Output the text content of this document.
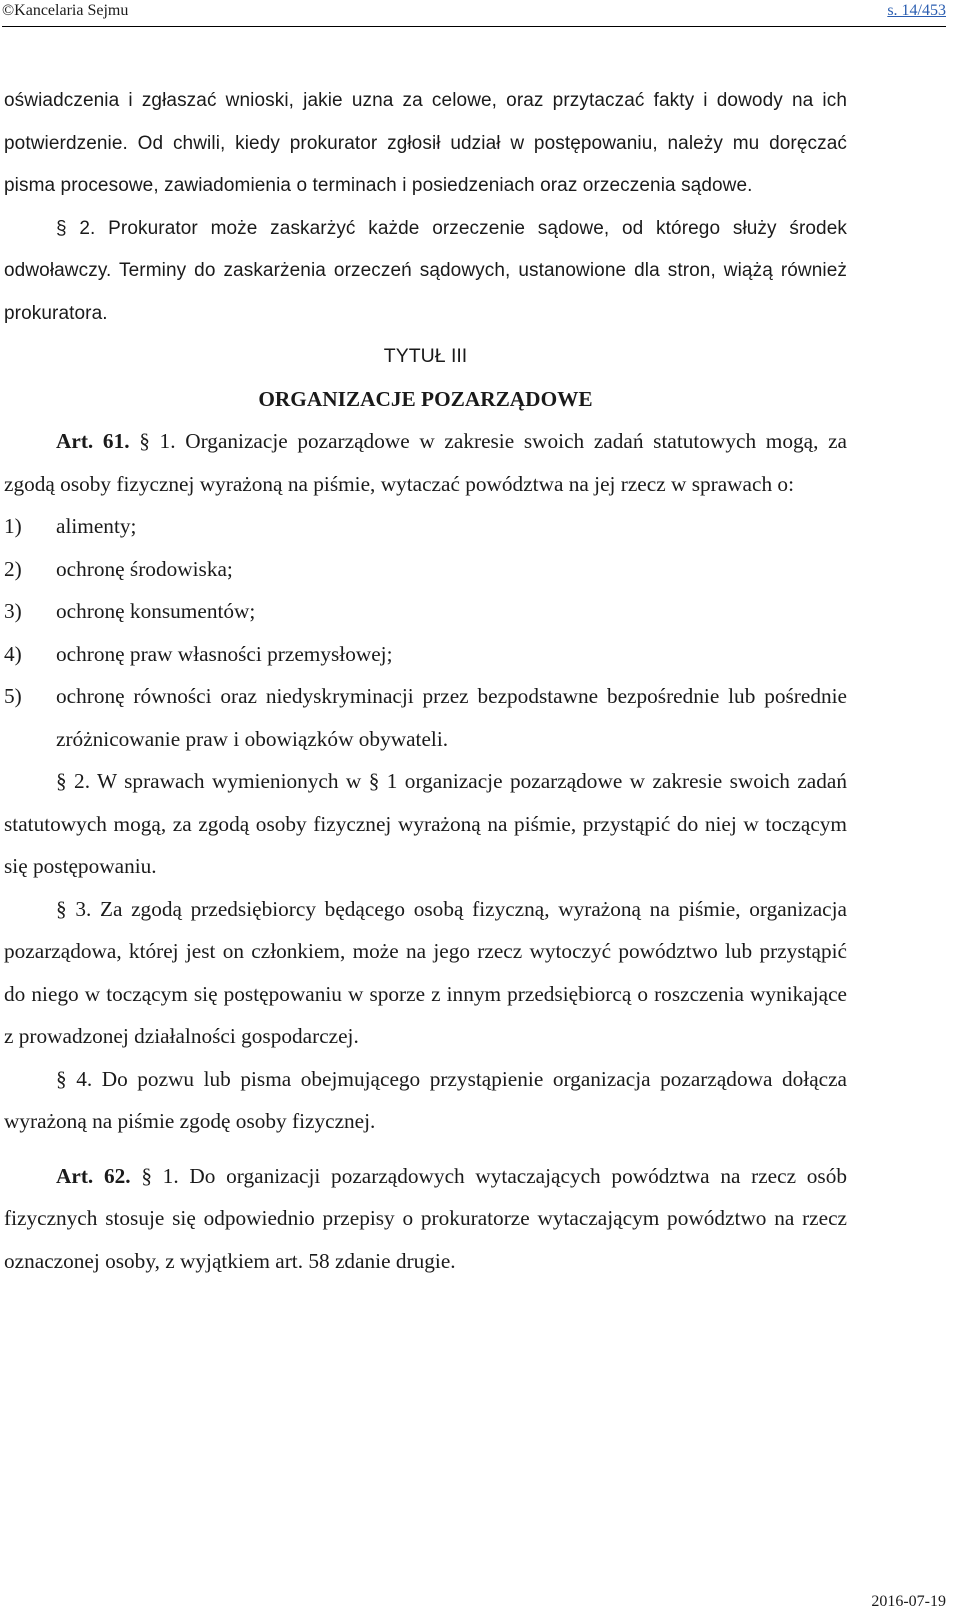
©Kancelaria Sejmu	s. 14/453

oświadczenia i zgłaszać wnioski, jakie uzna za celowe, oraz przytaczać fakty i dowody na ich potwierdzenie. Od chwili, kiedy prokurator zgłosił udział w postępowaniu, należy mu doręczać pisma procesowe, zawiadomienia o terminach i posiedzeniach oraz orzeczenia sądowe.

§ 2. Prokurator może zaskarżyć każde orzeczenie sądowe, od którego służy środek odwoławczy. Terminy do zaskarżenia orzeczeń sądowych, ustanowione dla stron, wiążą również prokuratora.

TYTUŁ III

ORGANIZACJE POZARZĄDOWE

Art. 61. § 1. Organizacje pozarządowe w zakresie swoich zadań statutowych mogą, za zgodą osoby fizycznej wyrażoną na piśmie, wytaczać powództwa na jej rzecz w sprawach o:

1)	alimenty;
2)	ochronę środowiska;
3)	ochronę konsumentów;
4)	ochronę praw własności przemysłowej;
5)	ochronę równości oraz niedyskryminacji przez bezpodstawne bezpośrednie lub pośrednie zróżnicowanie praw i obowiązków obywateli.

§ 2. W sprawach wymienionych w § 1 organizacje pozarządowe w zakresie swoich zadań statutowych mogą, za zgodą osoby fizycznej wyrażoną na piśmie, przystąpić do niej w toczącym się postępowaniu.

§ 3. Za zgodą przedsiębiorcy będącego osobą fizyczną, wyrażoną na piśmie, organizacja pozarządowa, której jest on członkiem, może na jego rzecz wytoczyć powództwo lub przystąpić do niego w toczącym się postępowaniu w sporze z innym przedsiębiorcą o roszczenia wynikające z prowadzonej działalności gospodarczej.

§ 4. Do pozwu lub pisma obejmującego przystąpienie organizacja pozarządowa dołącza wyrażoną na piśmie zgodę osoby fizycznej.

Art. 62. § 1. Do organizacji pozarządowych wytaczających powództwa na rzecz osób fizycznych stosuje się odpowiednio przepisy o prokuratorze wytaczającym powództwo na rzecz oznaczonej osoby, z wyjątkiem art. 58 zdanie drugie.

2016-07-19
